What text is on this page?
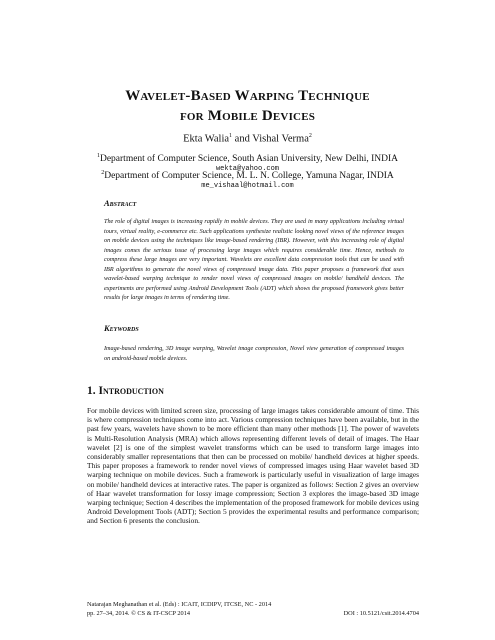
Wavelet-Based Warping Technique
for Mobile Devices
Ekta Walia$^1$ and Vishal Verma$^2$
$^1$Department of Computer Science, South Asian University, New Delhi, INDIA
wekta@yahoo.com
$^2$Department of Computer Science, M. L. N. College, Yamuna Nagar, INDIA
me_vishaal@hotmail.com
Abstract
The role of digital images is increasing rapidly in mobile devices. They are used in many applications including virtual tours, virtual reality, e-commerce etc. Such applications synthesize realistic looking novel views of the reference images on mobile devices using the techniques like image-based rendering (IBR). However, with this increasing role of digital images comes the serious issue of processing large images which requires considerable time. Hence, methods to compress these large images are very important. Wavelets are excellent data compression tools that can be used with IBR algorithms to generate the novel views of compressed image data. This paper proposes a framework that uses wavelet-based warping technique to render novel views of compressed images on mobile/ handheld devices. The experiments are performed using Android Development Tools (ADT) which shows the proposed framework gives better results for large images in terms of rendering time.
Keywords
Image-based rendering, 3D image warping, Wavelet image compression, Novel view generation of compressed images on android-based mobile devices.
1. Introduction
For mobile devices with limited screen size, processing of large images takes considerable amount of time. This is where compression techniques come into act. Various compression techniques have been available, but in the past few years, wavelets have shown to be more efficient than many other methods [1]. The power of wavelets is Multi-Resolution Analysis (MRA) which allows representing different levels of detail of images. The Haar wavelet [2] is one of the simplest wavelet transforms which can be used to transform large images into considerably smaller representations that then can be processed on mobile/ handheld devices at higher speeds. This paper proposes a framework to render novel views of compressed images using Haar wavelet based 3D warping technique on mobile devices. Such a framework is particularly useful in visualization of large images on mobile/ handheld devices at interactive rates. The paper is organized as follows: Section 2 gives an overview of Haar wavelet transformation for lossy image compression; Section 3 explores the image-based 3D image warping technique; Section 4 describes the implementation of the proposed framework for mobile devices using Android Development Tools (ADT); Section 5 provides the experimental results and performance comparison; and Section 6 presents the conclusion.
Natarajan Meghanathan et al. (Eds) : ICAIT, ICDIPV, ITCSE, NC - 2014
pp. 27–34, 2014. © CS & IT-CSCP 2014	DOI : 10.5121/csit.2014.4704
